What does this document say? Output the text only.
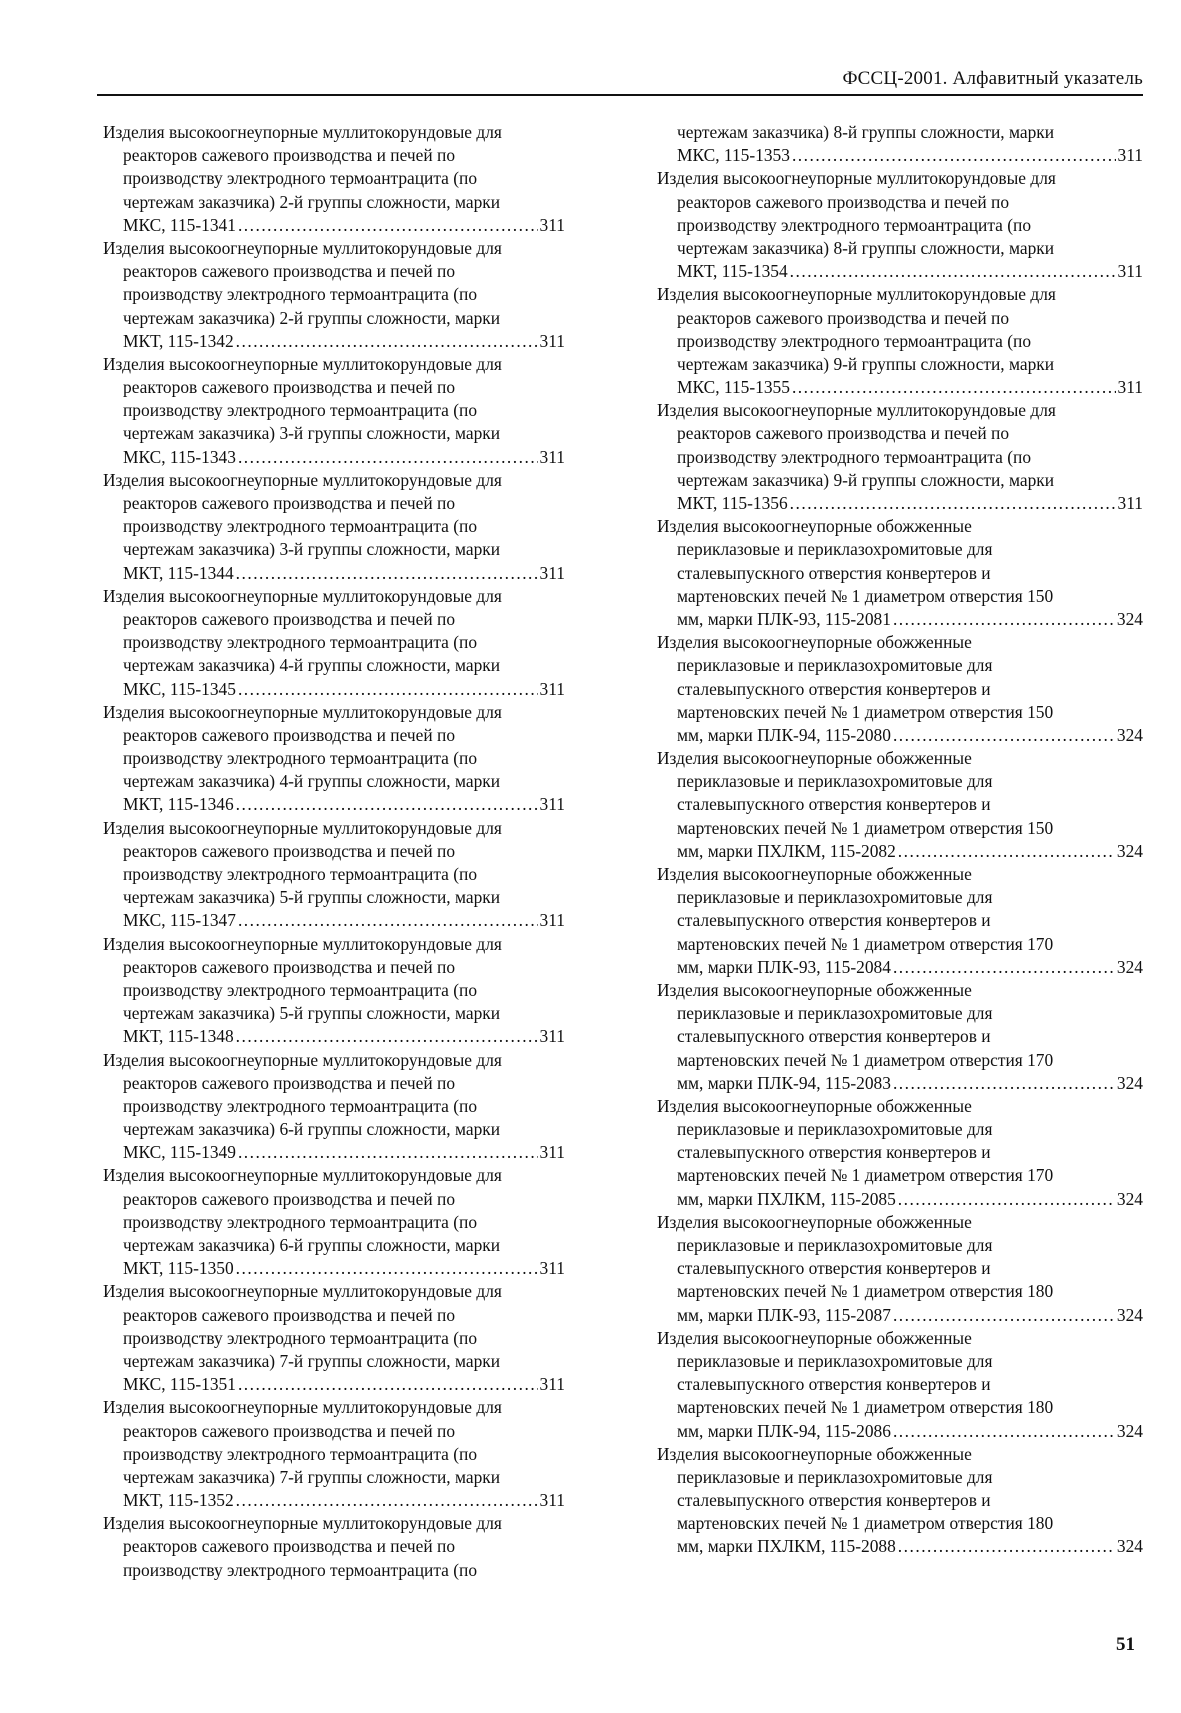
ФССЦ-2001. Алфавитный указатель
Изделия высокоогнеупорные муллитокорундовые для
реакторов сажевого производства и печей по
производству электродного термоантрацита (по
чертежам заказчика) 2-й группы сложности, марки
МКС, 115-1341 .....	311
Изделия высокоогнеупорные муллитокорундовые для
реакторов сажевого производства и печей по
производству электродного термоантрацита (по
чертежам заказчика) 2-й группы сложности, марки
МКТ, 115-1342 .....	311
Изделия высокоогнеупорные муллитокорундовые для
реакторов сажевого производства и печей по
производству электродного термоантрацита (по
чертежам заказчика) 3-й группы сложности, марки
МКС, 115-1343 .....	311
Изделия высокоогнеупорные муллитокорундовые для
реакторов сажевого производства и печей по
производству электродного термоантрацита (по
чертежам заказчика) 3-й группы сложности, марки
МКТ, 115-1344 .....	311
Изделия высокоогнеупорные муллитокорундовые для
реакторов сажевого производства и печей по
производству электродного термоантрацита (по
чертежам заказчика) 4-й группы сложности, марки
МКС, 115-1345 .....	311
Изделия высокоогнеупорные муллитокорундовые для
реакторов сажевого производства и печей по
производству электродного термоантрацита (по
чертежам заказчика) 4-й группы сложности, марки
МКТ, 115-1346 .....	311
Изделия высокоогнеупорные муллитокорундовые для
реакторов сажевого производства и печей по
производству электродного термоантрацита (по
чертежам заказчика) 5-й группы сложности, марки
МКС, 115-1347 .....	311
Изделия высокоогнеупорные муллитокорундовые для
реакторов сажевого производства и печей по
производству электродного термоантрацита (по
чертежам заказчика) 5-й группы сложности, марки
МКТ, 115-1348 .....	311
Изделия высокоогнеупорные муллитокорундовые для
реакторов сажевого производства и печей по
производству электродного термоантрацита (по
чертежам заказчика) 6-й группы сложности, марки
МКС, 115-1349 .....	311
Изделия высокоогнеупорные муллитокорундовые для
реакторов сажевого производства и печей по
производству электродного термоантрацита (по
чертежам заказчика) 6-й группы сложности, марки
МКТ, 115-1350 .....	311
Изделия высокоогнеупорные муллитокорундовые для
реакторов сажевого производства и печей по
производству электродного термоантрацита (по
чертежам заказчика) 7-й группы сложности, марки
МКС, 115-1351 .....	311
Изделия высокоогнеупорные муллитокорундовые для
реакторов сажевого производства и печей по
производству электродного термоантрацита (по
чертежам заказчика) 7-й группы сложности, марки
МКТ, 115-1352 .....	311
Изделия высокоогнеупорные муллитокорундовые для
реакторов сажевого производства и печей по
производству электродного термоантрацита (по
чертежам заказчика) 8-й группы сложности, марки
МКС, 115-1353 .....	311
Изделия высокоогнеупорные муллитокорундовые для
реакторов сажевого производства и печей по
производству электродного термоантрацита (по
чертежам заказчика) 8-й группы сложности, марки
МКТ, 115-1354 .....	311
Изделия высокоогнеупорные муллитокорундовые для
реакторов сажевого производства и печей по
производству электродного термоантрацита (по
чертежам заказчика) 9-й группы сложности, марки
МКС, 115-1355 .....	311
Изделия высокоогнеупорные муллитокорундовые для
реакторов сажевого производства и печей по
производству электродного термоантрацита (по
чертежам заказчика) 9-й группы сложности, марки
МКТ, 115-1356 .....	311
Изделия высокоогнеупорные обожженные
периклазовые и периклазохромитовые для
сталевыпускного отверстия конвертеров и
мартеновских печей № 1 диаметром отверстия 150
мм, марки ПЛК-93, 115-2081 .....	324
Изделия высокоогнеупорные обожженные
периклазовые и периклазохромитовые для
сталевыпускного отверстия конвертеров и
мартеновских печей № 1 диаметром отверстия 150
мм, марки ПЛК-94, 115-2080 .....	324
Изделия высокоогнеупорные обожженные
периклазовые и периклазохромитовые для
сталевыпускного отверстия конвертеров и
мартеновских печей № 1 диаметром отверстия 150
мм, марки ПХЛКМ, 115-2082 .....	324
Изделия высокоогнеупорные обожженные
периклазовые и периклазохромитовые для
сталевыпускного отверстия конвертеров и
мартеновских печей № 1 диаметром отверстия 170
мм, марки ПЛК-93, 115-2084 .....	324
Изделия высокоогнеупорные обожженные
периклазовые и периклазохромитовые для
сталевыпускного отверстия конвертеров и
мартеновских печей № 1 диаметром отверстия 170
мм, марки ПЛК-94, 115-2083 .....	324
Изделия высокоогнеупорные обожженные
периклазовые и периклазохромитовые для
сталевыпускного отверстия конвертеров и
мартеновских печей № 1 диаметром отверстия 170
мм, марки ПХЛКМ, 115-2085 .....	324
Изделия высокоогнеупорные обожженные
периклазовые и периклазохромитовые для
сталевыпускного отверстия конвертеров и
мартеновских печей № 1 диаметром отверстия 180
мм, марки ПЛК-93, 115-2087 .....	324
Изделия высокоогнеупорные обожженные
периклазовые и периклазохромитовые для
сталевыпускного отверстия конвертеров и
мартеновских печей № 1 диаметром отверстия 180
мм, марки ПЛК-94, 115-2086 .....	324
Изделия высокоогнеупорные обожженные
периклазовые и периклазохромитовые для
сталевыпускного отверстия конвертеров и
мартеновских печей № 1 диаметром отверстия 180
мм, марки ПХЛКМ, 115-2088 .....	324
51
